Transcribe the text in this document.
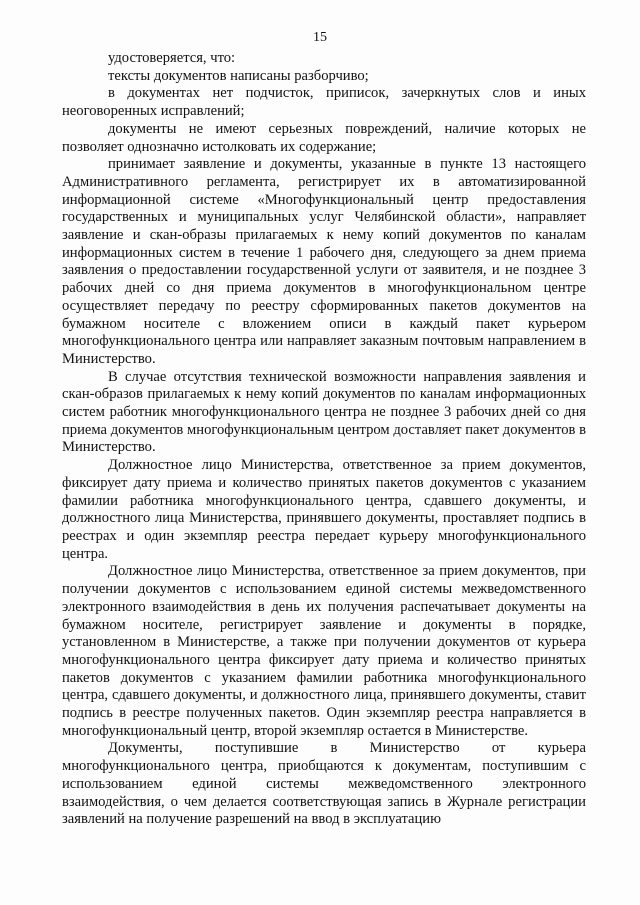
15

удостоверяется, что:

тексты документов написаны разборчиво;

в документах нет подчисток, приписок, зачеркнутых слов и иных неоговоренных исправлений;

документы не имеют серьезных повреждений, наличие которых не позволяет однозначно истолковать их содержание;

принимает заявление и документы, указанные в пункте 13 настоящего Административного регламента, регистрирует их в автоматизированной информационной системе «Многофункциональный центр предоставления государственных и муниципальных услуг Челябинской области», направляет заявление и скан-образы прилагаемых к нему копий документов по каналам информационных систем в течение 1 рабочего дня, следующего за днем приема заявления о предоставлении государственной услуги от заявителя, и не позднее 3 рабочих дней со дня приема документов в многофункциональном центре осуществляет передачу по реестру сформированных пакетов документов на бумажном носителе с вложением описи в каждый пакет курьером многофункционального центра или направляет заказным почтовым направлением в Министерство.

В случае отсутствия технической возможности направления заявления и скан-образов прилагаемых к нему копий документов по каналам информационных систем работник многофункционального центра не позднее 3 рабочих дней со дня приема документов многофункциональным центром доставляет пакет документов в Министерство.

Должностное лицо Министерства, ответственное за прием документов, фиксирует дату приема и количество принятых пакетов документов с указанием фамилии работника многофункционального центра, сдавшего документы, и должностного лица Министерства, принявшего документы, проставляет подпись в реестрах и один экземпляр реестра передает курьеру многофункционального центра.

Должностное лицо Министерства, ответственное за прием документов, при получении документов с использованием единой системы межведомственного электронного взаимодействия в день их получения распечатывает документы на бумажном носителе, регистрирует заявление и документы в порядке, установленном в Министерстве, а также при получении документов от курьера многофункционального центра фиксирует дату приема и количество принятых пакетов документов с указанием фамилии работника многофункционального центра, сдавшего документы, и должностного лица, принявшего документы, ставит подпись в реестре полученных пакетов. Один экземпляр реестра направляется в многофункциональный центр, второй экземпляр остается в Министерстве.

Документы, поступившие в Министерство от курьера многофункционального центра, приобщаются к документам, поступившим с использованием единой системы межведомственного электронного взаимодействия, о чем делается соответствующая запись в Журнале регистрации заявлений на получение разрешений на ввод в эксплуатацию
